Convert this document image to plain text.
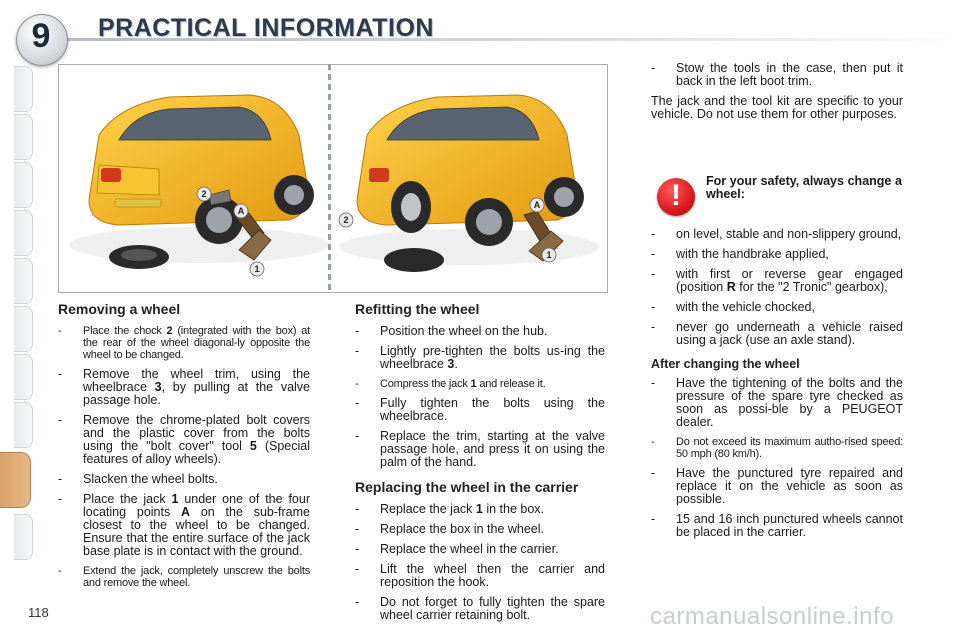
9	PRACTICAL INFORMATION
118
2
A
1
2
A
1
Removing a wheel
- Place the chock 2 (integrated with the box) at the rear of the wheel diagonal-ly opposite the wheel to be changed.
- Remove the wheel trim, using the wheelbrace 3, by pulling at the valve passage hole.
- Remove the chrome-plated bolt covers and the plastic cover from the bolts using the "bolt cover" tool 5 (Special features of alloy wheels).
- Slacken the wheel bolts.
- Place the jack 1 under one of the four locating points A on the sub-frame closest to the wheel to be changed. Ensure that the entire surface of the jack base plate is in contact with the ground.
- Extend the jack, completely unscrew the bolts and remove the wheel.
Refitting the wheel
- Position the wheel on the hub.
- Lightly pre-tighten the bolts us-ing the wheelbrace 3.
- Compress the jack 1 and release it.
- Fully tighten the bolts using the wheelbrace.
- Replace the trim, starting at the valve passage hole, and press it on using the palm of the hand.
Replacing the wheel in the carrier
- Replace the jack 1 in the box.
- Replace the box in the wheel.
- Replace the wheel in the carrier.
- Lift the wheel then the carrier and reposition the hook.
- Do not forget to fully tighten the spare wheel carrier retaining bolt.
- Stow the tools in the case, then put it back in the left boot trim.

The jack and the tool kit are specific to your vehicle. Do not use them for other purposes.

!	For your safety, always change a wheel:
- on level, stable and non-slippery ground,
- with the handbrake applied,
- with first or reverse gear engaged (position R for the "2 Tronic" gearbox),
- with the vehicle chocked,
- never go underneath a vehicle raised using a jack (use an axle stand).
After changing the wheel
- Have the tightening of the bolts and the pressure of the spare tyre checked as soon as possi-ble by a PEUGEOT dealer.
- Do not exceed its maximum autho-rised speed: 50 mph (80 km/h).
- Have the punctured tyre repaired and replace it on the vehicle as soon as possible.
- 15 and 16 inch punctured wheels cannot be placed in the carrier.
carmanualsonline.info
